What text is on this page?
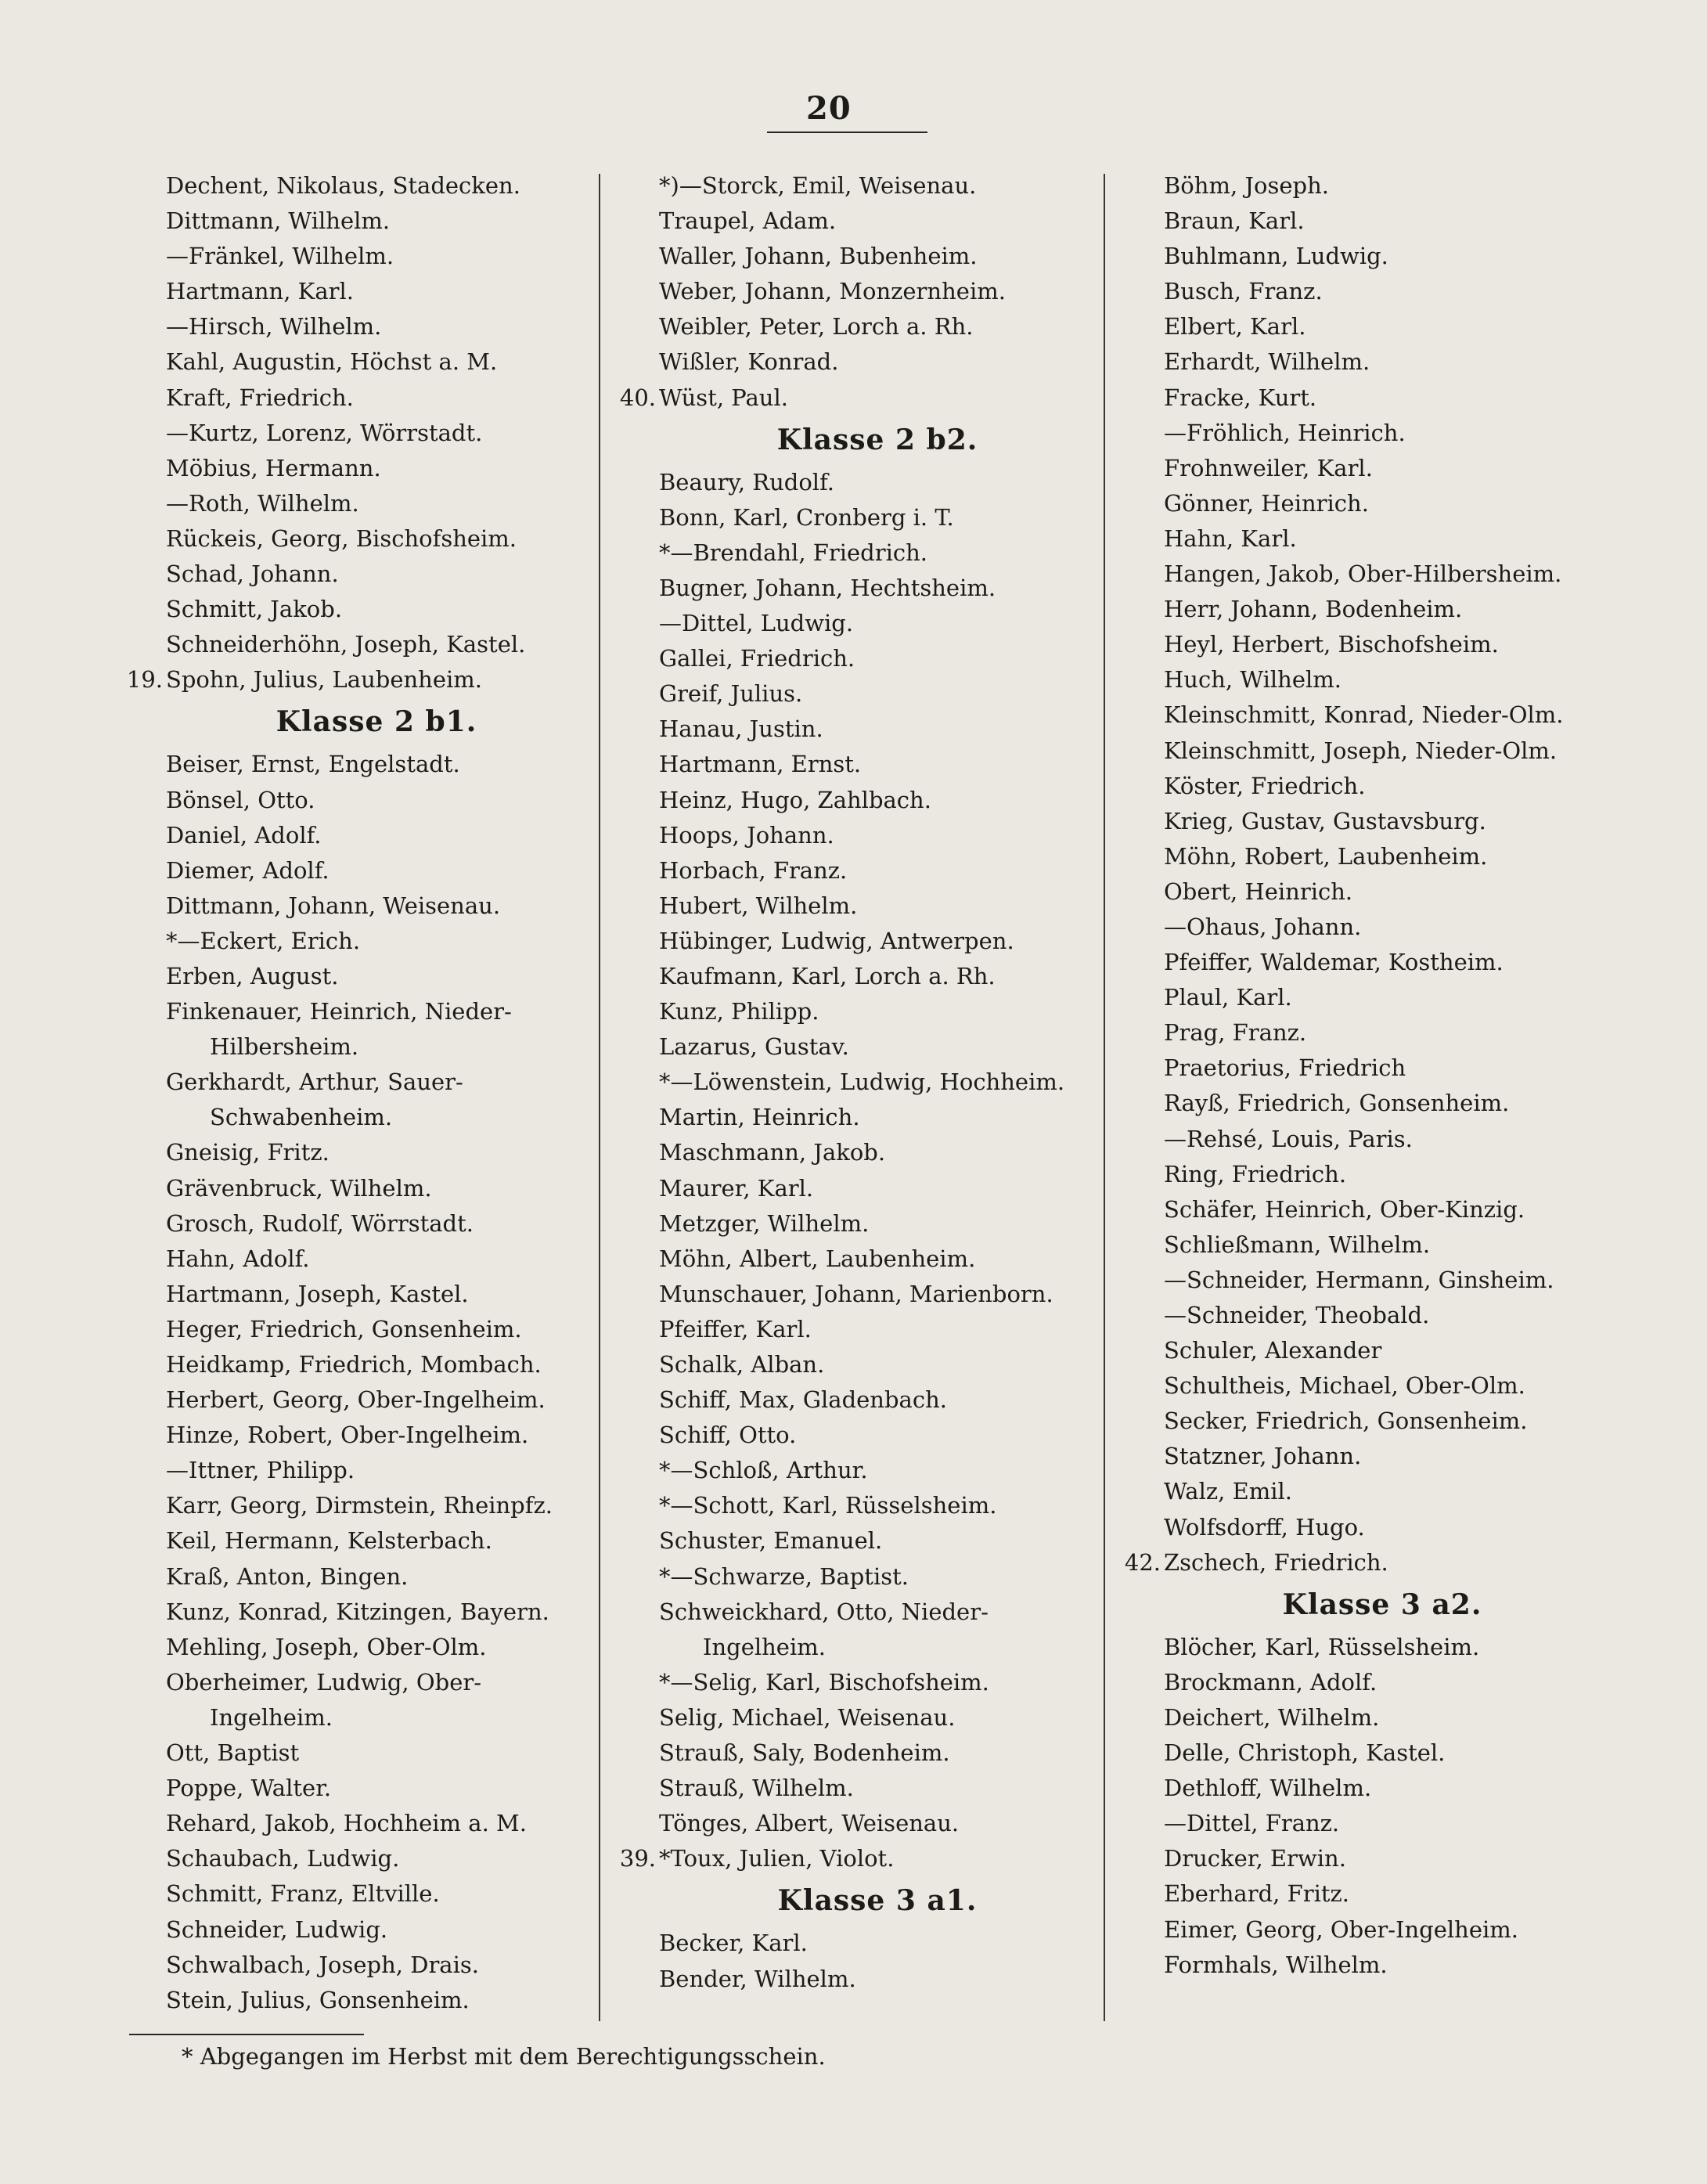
20
Dechent, Nikolaus, Stadecken.
Dittmann, Wilhelm.
—Fränkel, Wilhelm.
Hartmann, Karl.
—Hirsch, Wilhelm.
Kahl, Augustin, Höchst a. M.
Kraft, Friedrich.
—Kurtz, Lorenz, Wörrstadt.
Möbius, Hermann.
—Roth, Wilhelm.
Rückeis, Georg, Bischofsheim.
Schad, Johann.
Schmitt, Jakob.
Schneiderhöhn, Joseph, Kastel.
19. Spohn, Julius, Laubenheim.
Klasse 2 b1.
Beiser, Ernst, Engelstadt.
Bönsel, Otto.
Daniel, Adolf.
Diemer, Adolf.
Dittmann, Johann, Weisenau.
*—Eckert, Erich.
Erben, August.
Finkenauer, Heinrich, Nieder-
Hilbersheim.
Gerkhardt, Arthur, Sauer-
Schwabenheim.
Gneisig, Fritz.
Grävenbruck, Wilhelm.
Grosch, Rudolf, Wörrstadt.
Hahn, Adolf.
Hartmann, Joseph, Kastel.
Heger, Friedrich, Gonsenheim.
Heidkamp, Friedrich, Mombach.
Herbert, Georg, Ober-Ingelheim.
Hinze, Robert, Ober-Ingelheim.
—Ittner, Philipp.
Karr, Georg, Dirmstein, Rheinpfz.
Keil, Hermann, Kelsterbach.
Kraß, Anton, Bingen.
Kunz, Konrad, Kitzingen, Bayern.
Mehling, Joseph, Ober-Olm.
Oberheimer, Ludwig, Ober-
Ingelheim.
Ott, Baptist
Poppe, Walter.
Rehard, Jakob, Hochheim a. M.
Schaubach, Ludwig.
Schmitt, Franz, Eltville.
Schneider, Ludwig.
Schwalbach, Joseph, Drais.
Stein, Julius, Gonsenheim.
*)—Storck, Emil, Weisenau.
Traupel, Adam.
Waller, Johann, Bubenheim.
Weber, Johann, Monzernheim.
Weibler, Peter, Lorch a. Rh.
Wißler, Konrad.
40. Wüst, Paul.
Klasse 2 b2.
Beaury, Rudolf.
Bonn, Karl, Cronberg i. T.
*—Brendahl, Friedrich.
Bugner, Johann, Hechtsheim.
—Dittel, Ludwig.
Gallei, Friedrich.
Greif, Julius.
Hanau, Justin.
Hartmann, Ernst.
Heinz, Hugo, Zahlbach.
Hoops, Johann.
Horbach, Franz.
Hubert, Wilhelm.
Hübinger, Ludwig, Antwerpen.
Kaufmann, Karl, Lorch a. Rh.
Kunz, Philipp.
Lazarus, Gustav.
*—Löwenstein, Ludwig, Hochheim.
Martin, Heinrich.
Maschmann, Jakob.
Maurer, Karl.
Metzger, Wilhelm.
Möhn, Albert, Laubenheim.
Munschauer, Johann, Marienborn.
Pfeiffer, Karl.
Schalk, Alban.
Schiff, Max, Gladenbach.
Schiff, Otto.
*—Schloß, Arthur.
*—Schott, Karl, Rüsselsheim.
Schuster, Emanuel.
*—Schwarze, Baptist.
Schweickhard, Otto, Nieder-
Ingelheim.
*—Selig, Karl, Bischofsheim.
Selig, Michael, Weisenau.
Strauß, Saly, Bodenheim.
Strauß, Wilhelm.
Tönges, Albert, Weisenau.
39. *Toux, Julien, Violot.
Klasse 3 a1.
Becker, Karl.
Bender, Wilhelm.
Böhm, Joseph.
Braun, Karl.
Buhlmann, Ludwig.
Busch, Franz.
Elbert, Karl.
Erhardt, Wilhelm.
Fracke, Kurt.
—Fröhlich, Heinrich.
Frohnweiler, Karl.
Gönner, Heinrich.
Hahn, Karl.
Hangen, Jakob, Ober-Hilbersheim.
Herr, Johann, Bodenheim.
Heyl, Herbert, Bischofsheim.
Huch, Wilhelm.
Kleinschmitt, Konrad, Nieder-Olm.
Kleinschmitt, Joseph, Nieder-Olm.
Köster, Friedrich.
Krieg, Gustav, Gustavsburg.
Möhn, Robert, Laubenheim.
Obert, Heinrich.
—Ohaus, Johann.
Pfeiffer, Waldemar, Kostheim.
Plaul, Karl.
Prag, Franz.
Praetorius, Friedrich
Rayß, Friedrich, Gonsenheim.
—Rehsé, Louis, Paris.
Ring, Friedrich.
Schäfer, Heinrich, Ober-Kinzig.
Schließmann, Wilhelm.
—Schneider, Hermann, Ginsheim.
—Schneider, Theobald.
Schuler, Alexander
Schultheis, Michael, Ober-Olm.
Secker, Friedrich, Gonsenheim.
Statzner, Johann.
Walz, Emil.
Wolfsdorff, Hugo.
42. Zschech, Friedrich.
Klasse 3 a2.
Blöcher, Karl, Rüsselsheim.
Brockmann, Adolf.
Deichert, Wilhelm.
Delle, Christoph, Kastel.
Dethloff, Wilhelm.
—Dittel, Franz.
Drucker, Erwin.
Eberhard, Fritz.
Eimer, Georg, Ober-Ingelheim.
Formhals, Wilhelm.
* Abgegangen im Herbst mit dem Berechtigungsschein.
